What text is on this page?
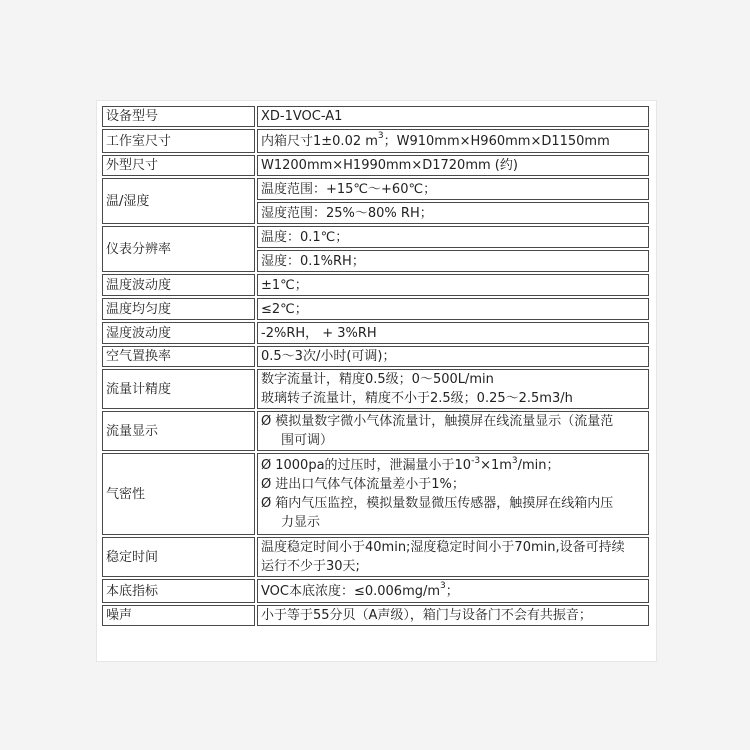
设备型号	XD-1VOC-A1
工作室尺寸	内箱尺寸1±0.02 $m^3$；W910mm×H960mm×D1150mm
外型尺寸	W1200mm×H1990mm×D1720mm (约)
温/湿度	温度范围：+15℃～+60℃；
	湿度范围：25%～80% RH；
仪表分辨率	温度：0.1℃；
	湿度：0.1%RH；
温度波动度	±1℃；
温度均匀度	≤2℃；
湿度波动度	-2%RH， + 3%RH
空气置换率	0.5～3次/小时(可调)；
流量计精度	数字流量计，精度0.5级；0～500L/min
玻璃转子流量计，精度不小于2.5级；0.25～2.5m3/h

流量显示	Ø 模拟量数字微小气体流量计，触摸屏在线流量显示（流量范
围可调）

气密性	Ø 1000pa的过压时，泄漏量小于$10^{-3}\times 1m^3/\min$；
Ø 进出口气体气体流量差小于1%；
Ø 箱内气压监控，模拟量数显微压传感器，触摸屏在线箱内压
力显示

稳定时间	温度稳定时间小于40min;湿度稳定时间小于70min,设备可持续
运行不少于30天;

本底指标	VOC本底浓度：$\le 0.006mg/m^3$；
噪声	小于等于55分贝（A声级），箱门与设备门不会有共振音；
